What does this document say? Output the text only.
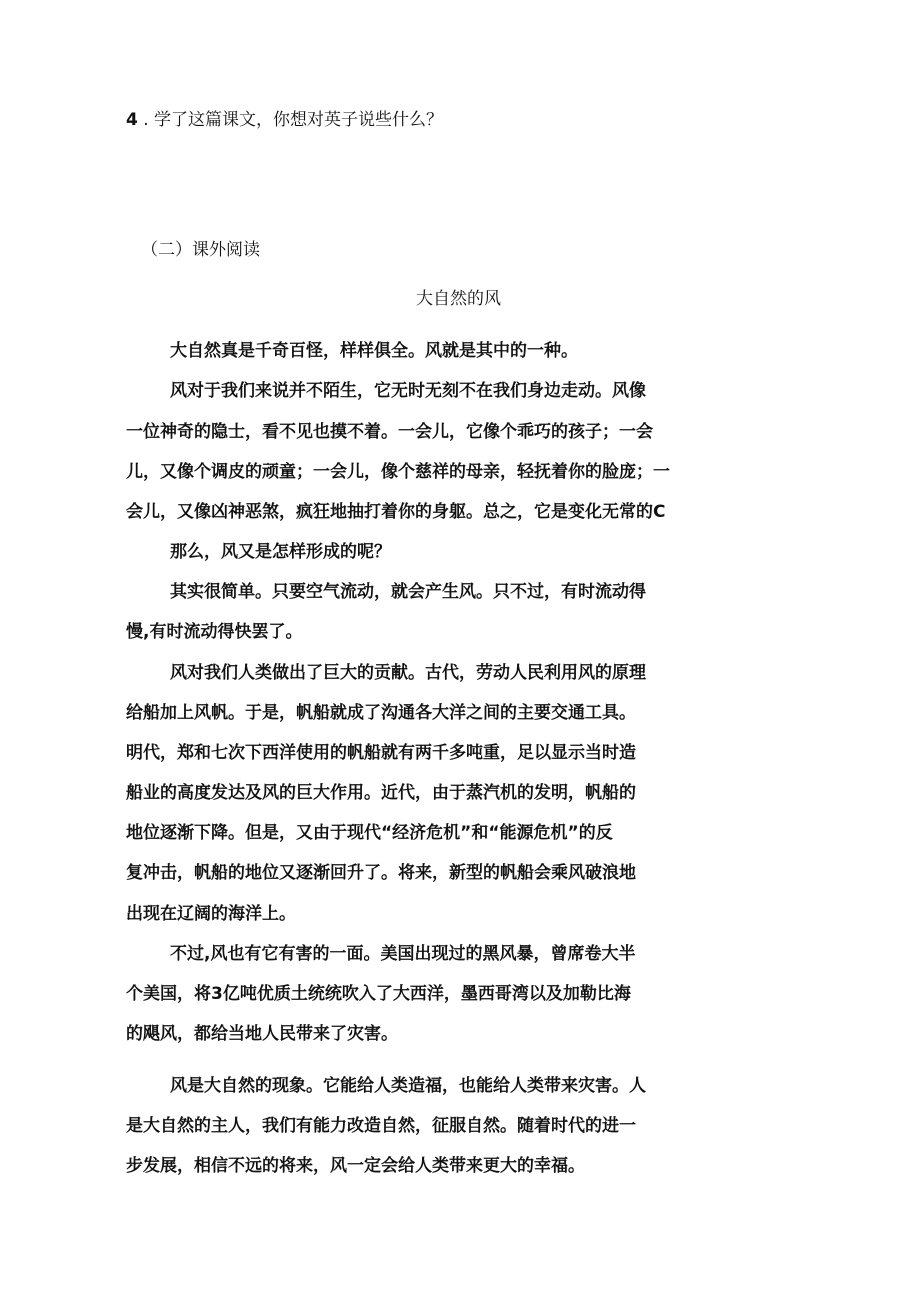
4 . 学了这篇课文，你想对英子说些什么？
（二）课外阅读
大自然的风
大自然真是千奇百怪，样样俱全。风就是其中的一种。
风对于我们来说并不陌生，它无时无刻不在我们身边走动。风像
一位神奇的隐士，看不见也摸不着。一会儿，它像个乖巧的孩子；一会
儿，又像个调皮的顽童；一会儿，像个慈祥的母亲，轻抚着你的脸庞；一
会儿，又像凶神恶煞，疯狂地抽打着你的身躯。总之，它是变化无常的C
那么，风又是怎样形成的呢？
其实很简单。只要空气流动，就会产生风。只不过，有时流动得
慢,有时流动得快罢了。
风对我们人类做出了巨大的贡献。古代，劳动人民利用风的原理
给船加上风帆。于是，帆船就成了沟通各大洋之间的主要交通工具。
明代，郑和七次下西洋使用的帆船就有两千多吨重，足以显示当时造
船业的高度发达及风的巨大作用。近代，由于蒸汽机的发明，帆船的
地位逐渐下降。但是，又由于现代“经济危机”和“能源危机”的反
复冲击，帆船的地位又逐渐回升了。将来，新型的帆船会乘风破浪地
出现在辽阔的海洋上。
不过,风也有它有害的一面。美国出现过的黑风暴，曾席卷大半
个美国，将3亿吨优质土统统吹入了大西洋，墨西哥湾以及加勒比海
的飓风，都给当地人民带来了灾害。
风是大自然的现象。它能给人类造福，也能给人类带来灾害。人
是大自然的主人，我们有能力改造自然，征服自然。随着时代的进一
步发展，相信不远的将来，风一定会给人类带来更大的幸福。
